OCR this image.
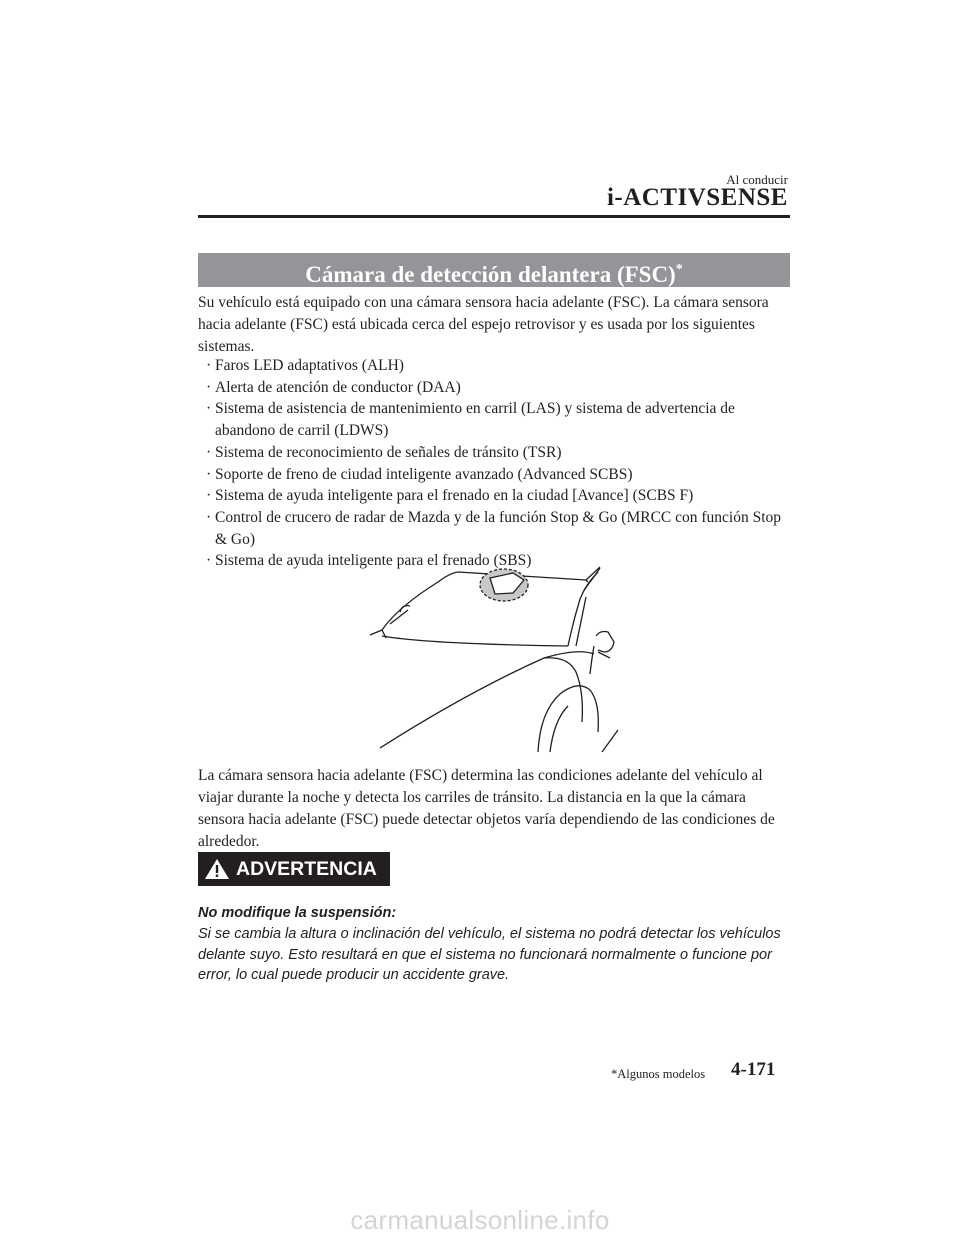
Al conducir
i-ACTIVSENSE
Cámara de detección delantera (FSC)*

Su vehículo está equipado con una cámara sensora hacia adelante (FSC). La cámara sensora hacia adelante (FSC) está ubicada cerca del espejo retrovisor y es usada por los siguientes sistemas.

· Faros LED adaptativos (ALH)
· Alerta de atención de conductor (DAA)
· Sistema de asistencia de mantenimiento en carril (LAS) y sistema de advertencia de abandono de carril (LDWS)
· Sistema de reconocimiento de señales de tránsito (TSR)
· Soporte de freno de ciudad inteligente avanzado (Advanced SCBS)
· Sistema de ayuda inteligente para el frenado en la ciudad [Avance] (SCBS F)
· Control de crucero de radar de Mazda y de la función Stop & Go (MRCC con función Stop & Go)
· Sistema de ayuda inteligente para el frenado (SBS)

La cámara sensora hacia adelante (FSC) determina las condiciones adelante del vehículo al viajar durante la noche y detecta los carriles de tránsito. La distancia en la que la cámara sensora hacia adelante (FSC) puede detectar objetos varía dependiendo de las condiciones de alrededor.

ADVERTENCIA
No modifique la suspensión:

Si se cambia la altura o inclinación del vehículo, el sistema no podrá detectar los vehículos delante suyo. Esto resultará en que el sistema no funcionará normalmente o funcione por error, lo cual puede producir un accidente grave.

*Algunos modelos 4-171
carmanualsonline.info
